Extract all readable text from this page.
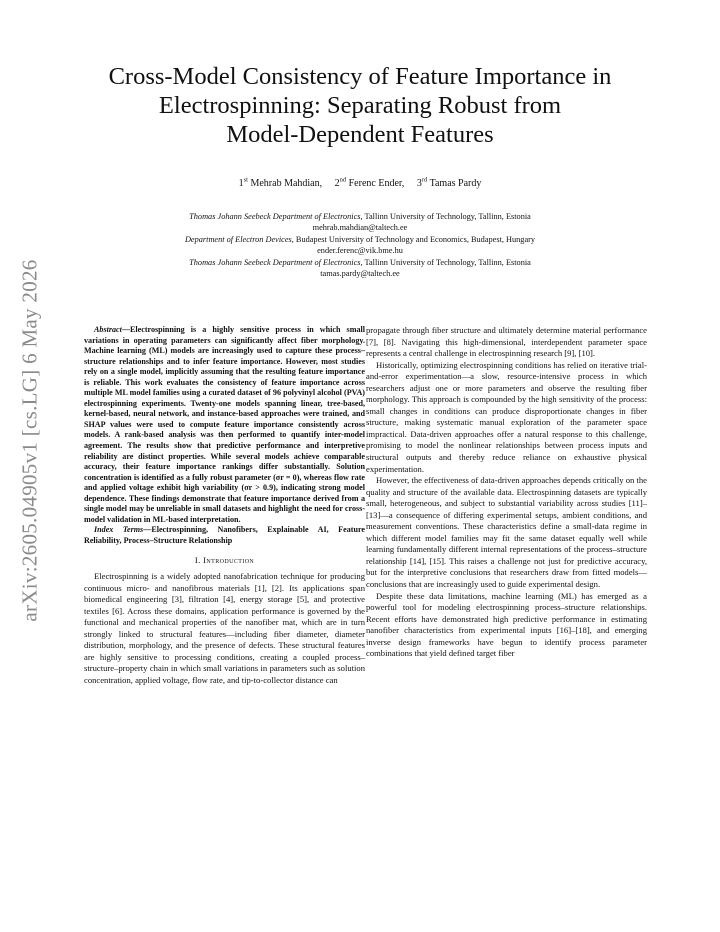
arXiv:2605.04905v1 [cs.LG] 6 May 2026
Cross-Model Consistency of Feature Importance in
Electrospinning: Separating Robust from
Model-Dependent Features
1st Mehrab Mahdian, 2nd Ferenc Ender, 3rd Tamas Pardy
Thomas Johann Seebeck Department of Electronics, Tallinn University of Technology, Tallinn, Estonia
mehrab.mahdian@taltech.ee
Department of Electron Devices, Budapest University of Technology and Economics, Budapest, Hungary
ender.ferenc@vik.bme.hu
Thomas Johann Seebeck Department of Electronics, Tallinn University of Technology, Tallinn, Estonia
tamas.pardy@taltech.ee

Abstract—Electrospinning is a highly sensitive process in which small variations in operating parameters can significantly affect fiber morphology. Machine learning (ML) models are increasingly used to capture these process–structure relationships and to infer feature importance. However, most studies rely on a single model, implicitly assuming that the resulting feature importance is reliable. This work evaluates the consistency of feature importance across multiple ML model families using a curated dataset of 96 polyvinyl alcohol (PVA) electrospinning experiments. Twenty-one models spanning linear, tree-based, kernel-based, neural network, and instance-based approaches were trained, and SHAP values were used to compute feature importance consistently across models. A rank-based analysis was then performed to quantify inter-model agreement. The results show that predictive performance and interpretive reliability are distinct properties. While several models achieve comparable accuracy, their feature importance rankings differ substantially. Solution concentration is identified as a fully robust parameter (σr = 0), whereas flow rate and applied voltage exhibit high variability (σr > 0.9), indicating strong model dependence. These findings demonstrate that feature importance derived from a single model may be unreliable in small datasets and highlight the need for cross-model validation in ML-based interpretation.

Index Terms—Electrospinning, Nanofibers, Explainable AI, Feature Reliability, Process–Structure Relationship

I. Introduction

Electrospinning is a widely adopted nanofabrication technique for producing continuous micro- and nanofibrous materials [1], [2]. Its applications span biomedical engineering [3], filtration [4], energy storage [5], and protective textiles [6]. Across these domains, application performance is governed by the functional and mechanical properties of the nanofiber mat, which are in turn strongly linked to structural features—including fiber diameter, diameter distribution, morphology, and the presence of defects. These structural features are highly sensitive to processing conditions, creating a coupled process–structure–property chain in which small variations in parameters such as solution concentration, applied voltage, flow rate, and tip-to-collector distance can

propagate through fiber structure and ultimately determine material performance [7], [8]. Navigating this high-dimensional, interdependent parameter space represents a central challenge in electrospinning research [9], [10].

Historically, optimizing electrospinning conditions has relied on iterative trial-and-error experimentation—a slow, resource-intensive process in which researchers adjust one or more parameters and observe the resulting fiber morphology. This approach is compounded by the high sensitivity of the process: small changes in conditions can produce disproportionate changes in fiber structure, making systematic manual exploration of the parameter space impractical. Data-driven approaches offer a natural response to this challenge, promising to model the nonlinear relationships between process inputs and structural outputs and thereby reduce reliance on exhaustive physical experimentation.

However, the effectiveness of data-driven approaches depends critically on the quality and structure of the available data. Electrospinning datasets are typically small, heterogeneous, and subject to substantial variability across studies [11]–[13]—a consequence of differing experimental setups, ambient conditions, and measurement conventions. These characteristics define a small-data regime in which different model families may fit the same dataset equally well while learning fundamentally different internal representations of the process–structure relationship [14], [15]. This raises a challenge not just for predictive accuracy, but for the interpretive conclusions that researchers draw from fitted models—conclusions that are increasingly used to guide experimental design.

Despite these data limitations, machine learning (ML) has emerged as a powerful tool for modeling electrospinning process–structure relationships. Recent efforts have demonstrated high predictive performance in estimating nanofiber characteristics from experimental inputs [16]–[18], and emerging inverse design frameworks have begun to identify process parameter combinations that yield defined target fiber
